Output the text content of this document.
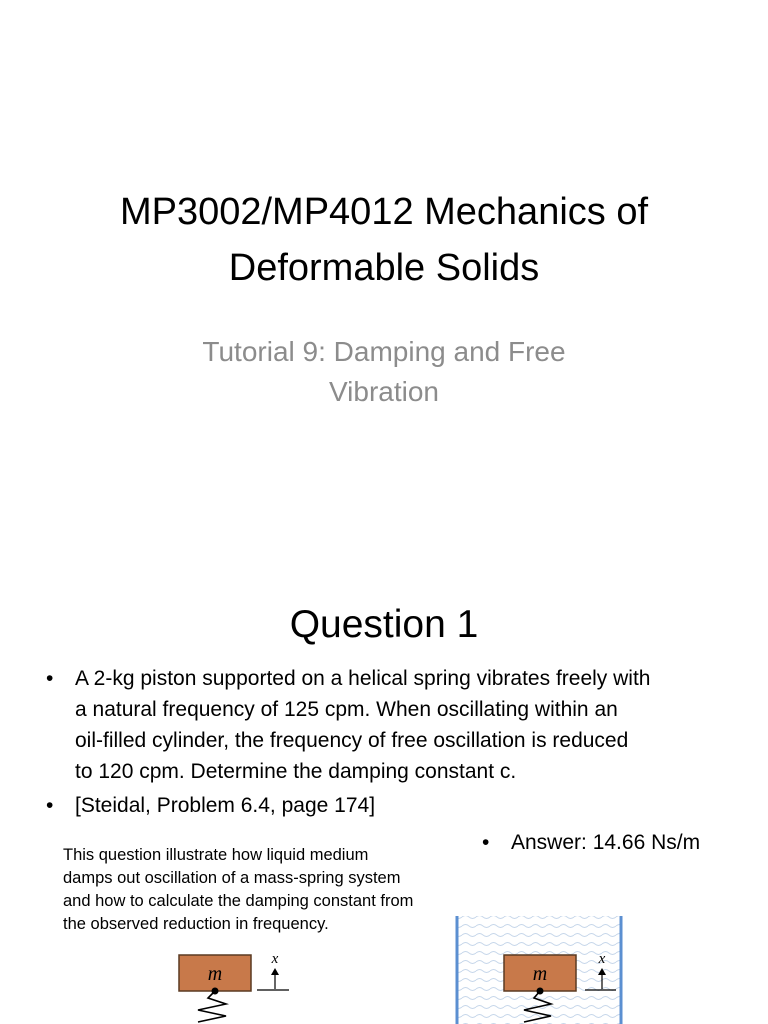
MP3002/MP4012 Mechanics of
Deformable Solids
Tutorial 9: Damping and Free
Vibration
Question 1
• A 2-kg piston supported on a helical spring vibrates freely with
a natural frequency of 125 cpm. When oscillating within an
oil-filled cylinder, the frequency of free oscillation is reduced
to 120 cpm. Determine the damping constant c.
• [Steidal, Problem 6.4, page 174]
• Answer: 14.66 Ns/m
This question illustrate how liquid medium
damps out oscillation of a mass-spring system
and how to calculate the damping constant from
the observed reduction in frequency.
m
x
m
x
